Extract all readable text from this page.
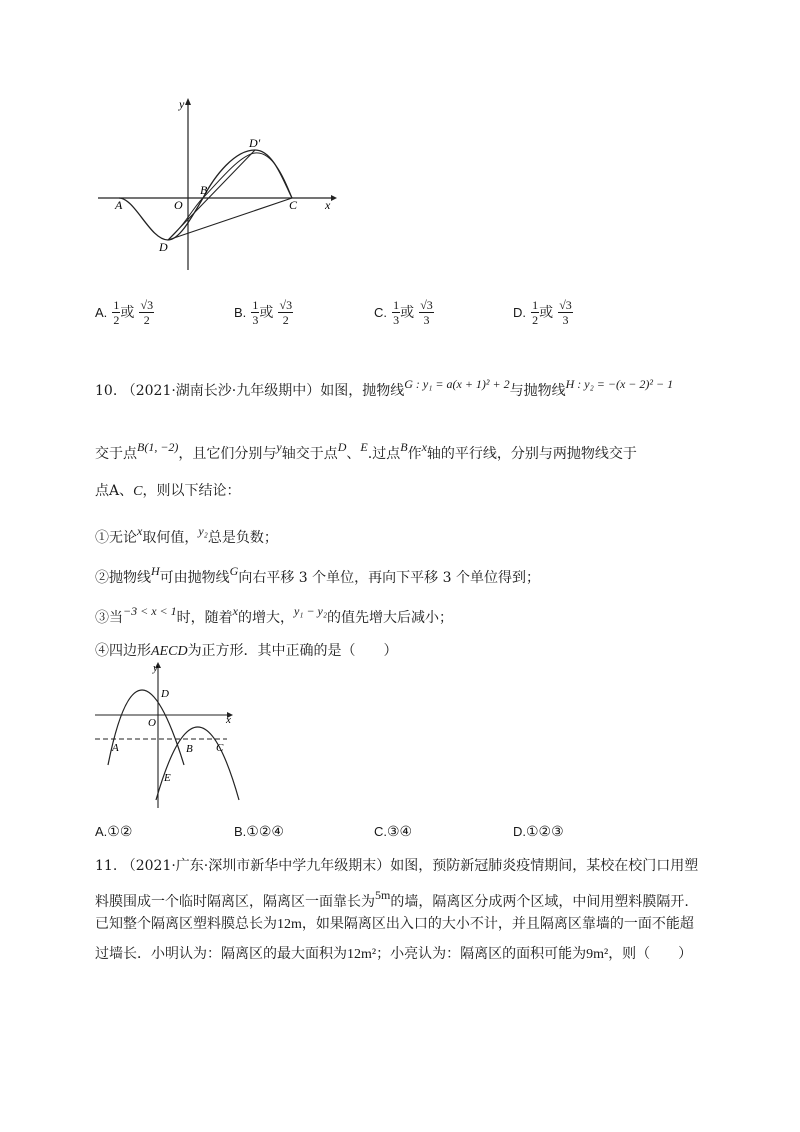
y
x
O
A
B
C
D
D'
A. $\frac{1}{2}$ 或 $\frac{√3}{2}$	B. $\frac{1}{3}$ 或 $\frac{√3}{2}$	C. $\frac{1}{3}$ 或 $\frac{√3}{3}$	D. $\frac{1}{2}$ 或 $\frac{√3}{3}$
10. （2021·湖南长沙·九年级期中）如图，抛物线G : y₁ = a(x + 1)² + 2与抛物线H : y₂ = −(x − 2)² − 1
交于点B(1, −2)，且它们分别与y轴交于点D、E.过点B作x轴的平行线，分别与两抛物线交于
点A、C，则以下结论：
①无论x取何值，y₂总是负数；
②抛物线H可由抛物线G向右平移 3 个单位，再向下平移 3 个单位得到；
③当−3 < x < 1时，随着x的增大，y₁ − y₂的值先增大后减小；
④四边形AECD为正方形．其中正确的是（　　）
y
x
O
D
A	B C
E
A.①②	B.①②④	C.③④	D.①②③
11. （2021·广东·深圳市新华中学九年级期末）如图，预防新冠肺炎疫情期间，某校在校门口用塑
料膜围成一个临时隔离区，隔离区一面靠长为5m的墙，隔离区分成两个区域，中间用塑料膜隔开.
已知整个隔离区塑料膜总长为12m，如果隔离区出入口的大小不计，并且隔离区靠墙的一面不能超
过墙长．小明认为：隔离区的最大面积为12m²；小亮认为：隔离区的面积可能为9m²，则（　　）
